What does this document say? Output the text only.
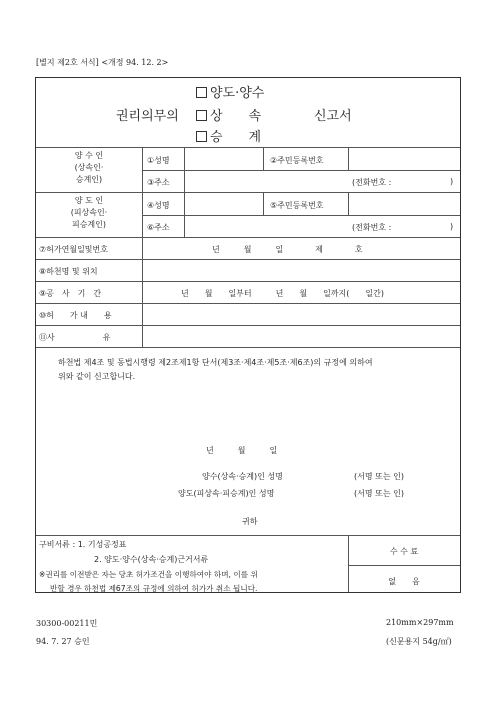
[별지 제2호 서식] <개정 94. 12. 2>
권리의무의
양도·양수
상　　속
승　　계
신고서
양 수 인
(상속인·
승계인)
①성명	②주민등록번호
③주소	(전화번호 :	)
양 도 인
(피상속인·
피승계인)
④성명	⑤주민등록번호
⑥주소	(전화번호 :	)
⑦허가연월일및번호	년　　　월　　　일　　　　제　　　　호
⑧하천명 및 위치
⑨공　사　기　간	년　　월　　일부터　　　년　　월　　일까지(　　일간)
⑩허　　가 내　　용
⑪사　　　　　　유
하천법 제4조 및 동법시행령 제2조제1항 단서(제3조·제4조·제5조·제6조)의 규정에 의하여
위와 같이 신고합니다.
년　　　월　　　일
양수(상속·승계)인 성명	(서명 또는 인)
양도(피상속·피승계)인 성명	(서명 또는 인)
귀하
구비서류 : 1. 기성공정표
2. 양도·양수(상속·승계)근거서류
※권리를 이전받은 자는 당초 허가조건을 이행하여야 하며, 이를 위
반할 경우 하천법 제67조의 규정에 의하여 허가가 취소 됩니다.
수 수 료
없　　음
30300-00211민
94. 7. 27 승인
210mm×297mm
(신문용지 54g/㎡)
